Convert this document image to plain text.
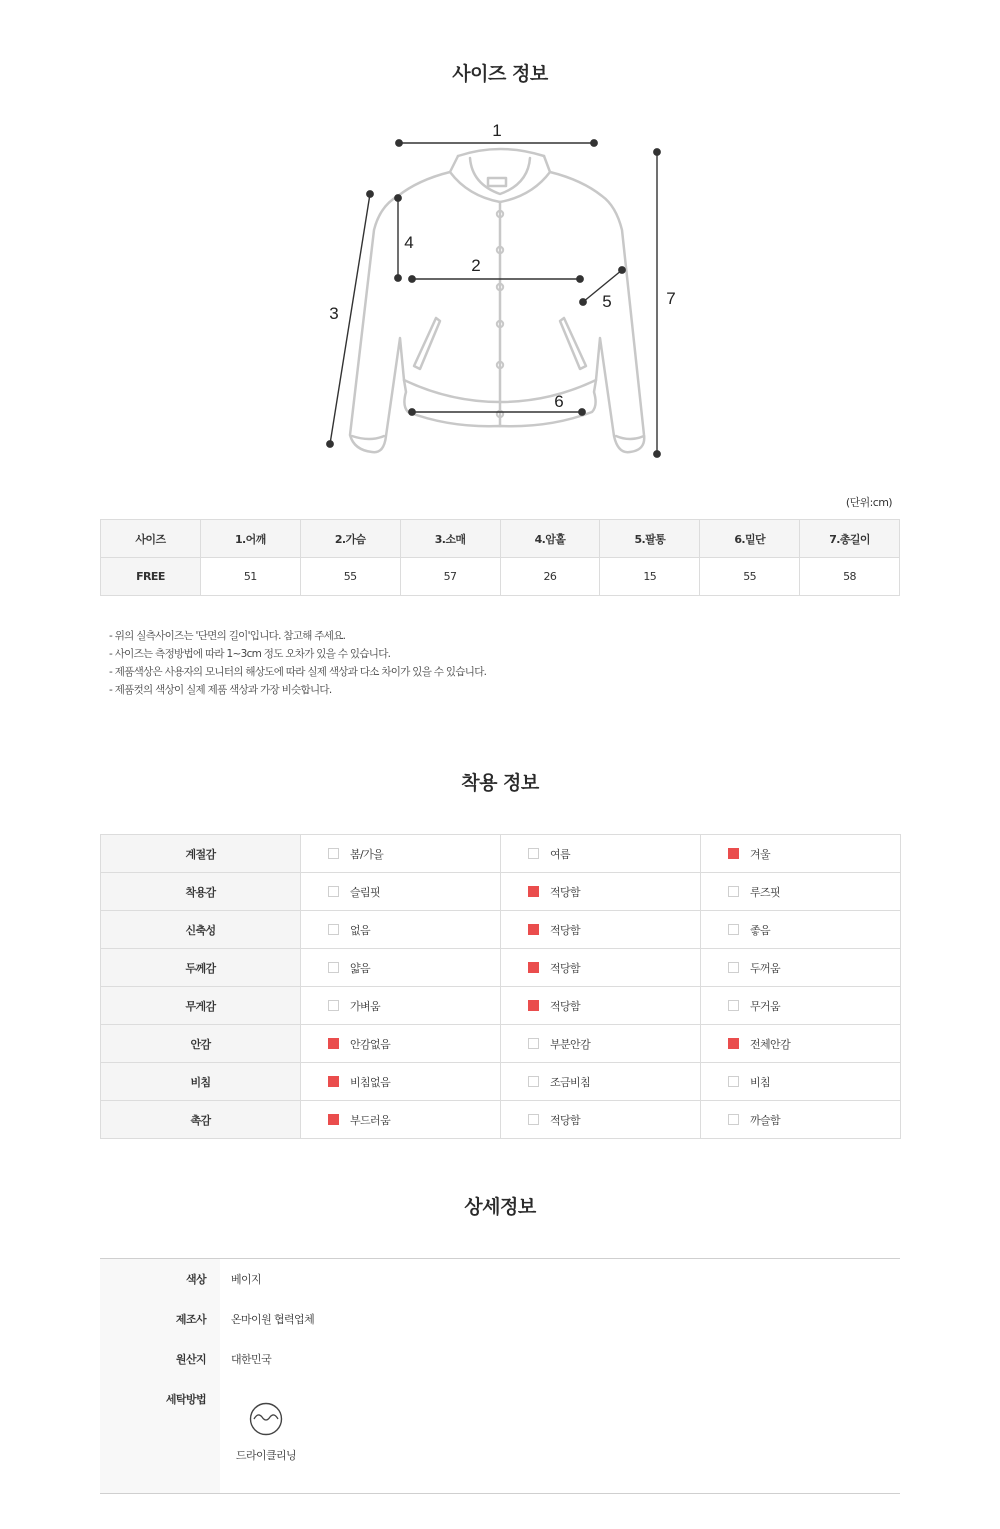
사이즈 정보
1
2
3
4
5
6
7
(단위:cm)
사이즈	1.어깨	2.가슴	3.소매	4.암홀	5.팔통	6.밑단	7.총길이
FREE	51	55	57	26	15	55	58
- 위의 실측사이즈는 '단면의 길이'입니다. 참고해 주세요.
- 사이즈는 측정방법에 따라 1~3cm 정도 오차가 있을 수 있습니다.
- 제품색상은 사용자의 모니터의 해상도에 따라 실제 색상과 다소 차이가 있을 수 있습니다.
- 제품컷의 색상이 실제 제품 색상과 가장 비슷합니다.
착용 정보
계절감	봄/가을	여름	겨울
착용감	슬림핏	적당함	루즈핏
신축성	없음	적당함	좋음
두께감	얇음	적당함	두꺼움
무게감	가벼움	적당함	무거움
안감	안감없음	부분안감	전체안감
비침	비침없음	조금비침	비침
촉감	부드러움	적당함	까슬함
상세정보
색상 베이지
제조사 온마이원 협력업체
원산지 대한민국
세탁방법
드라이클리닝
